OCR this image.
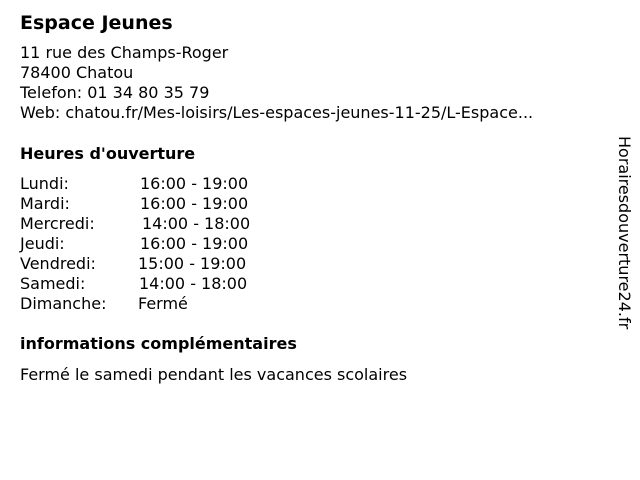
Espace Jeunes
11 rue des Champs-Roger
78400 Chatou
Telefon: 01 34 80 35 79
Web: chatou.fr/Mes-loisirs/Les-espaces-jeunes-11-25/L-Espace...
Heures d'ouverture
Lundi:	16:00 - 19:00
Mardi:	16:00 - 19:00
Mercredi:	14:00 - 18:00
Jeudi:	16:00 - 19:00
Vendredi:	15:00 - 19:00
Samedi:	14:00 - 18:00
Dimanche: Fermé
informations complémentaires
Fermé le samedi pendant les vacances scolaires
Horairesdouverture24.fr
